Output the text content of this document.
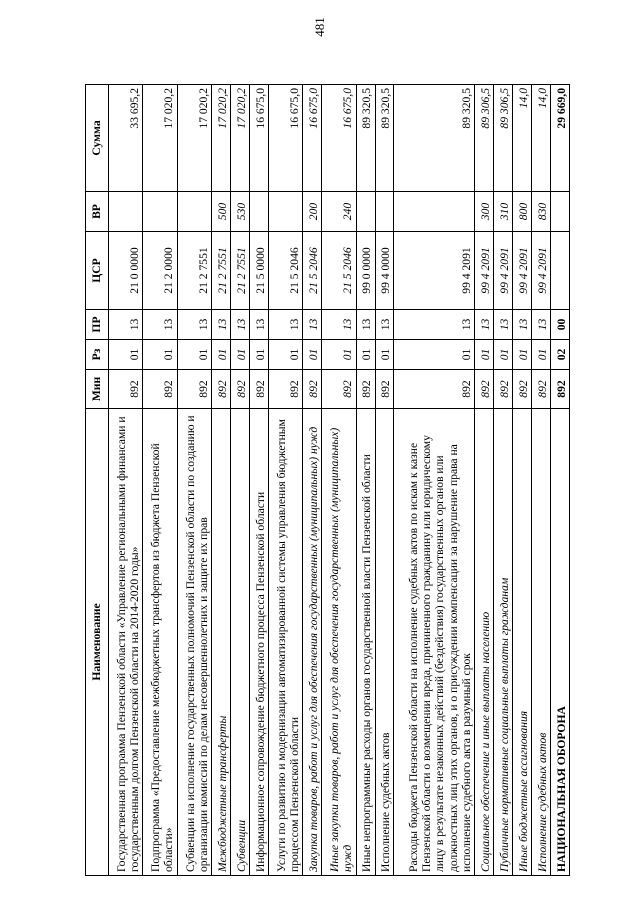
481
Наименование	Мин	Рз	ПР	ЦСР	ВР	Сумма
Государственная программа Пензенской области «Управление региональными финансами и государственным долгом Пензенской области на 2014-2020 годы»	892	01	13	21 0 0000		33 695,2
Подпрограмма «Предоставление межбюджетных трансфертов из бюджета Пензенской области»	892	01	13	21 2 0000		17 020,2
Субвенции на исполнение государственных полномочий Пензенской области по созданию и организации комиссий по делам несовершеннолетних и защите их прав	892	01	13	21 2 7551		17 020,2
Межбюджетные трансферты	892	01	13	21 2 7551	500	17 020,2
Субвенции	892	01	13	21 2 7551	530	17 020,2
Информационное сопровождение бюджетного процесса Пензенской области	892	01	13	21 5 0000		16 675,0
Услуги по развитию и модернизации автоматизированной системы управления бюджетным процессом Пензенской области	892	01	13	21 5 2046		16 675,0
Закупка товаров, работ и услуг для обеспечения государственных (муниципальных) нужд	892	01	13	21 5 2046	200	16 675,0
Иные закупки товаров, работ и услуг для обеспечения государственных (муниципальных) нужд	892	01	13	21 5 2046	240	16 675,0
Иные непрограммные расходы органов государственной власти Пензенской области	892	01	13	99 0 0000		89 320,5
Исполнение судебных актов	892	01	13	99 4 0000		89 320,5
Расходы бюджета Пензенской области на исполнение судебных актов по искам к казне Пензенской области о возмещении вреда, причиненного гражданину или юридическому лицу в результате незаконных действий (бездействия) государственных органов или должностных лиц этих органов, и о присуждении компенсации за нарушение права на исполнение судебного акта в разумный срок	892	01	13	99 4 2091		89 320,5
Социальное обеспечение и иные выплаты населению	892	01	13	99 4 2091	300	89 306,5
Публичные нормативные социальные выплаты гражданам	892	01	13	99 4 2091	310	89 306,5
Иные бюджетные ассигнования	892	01	13	99 4 2091	800	14,0
Исполнение судебных актов	892	01	13	99 4 2091	830	14,0
НАЦИОНАЛЬНАЯ ОБОРОНА	892	02	00			29 669,0
